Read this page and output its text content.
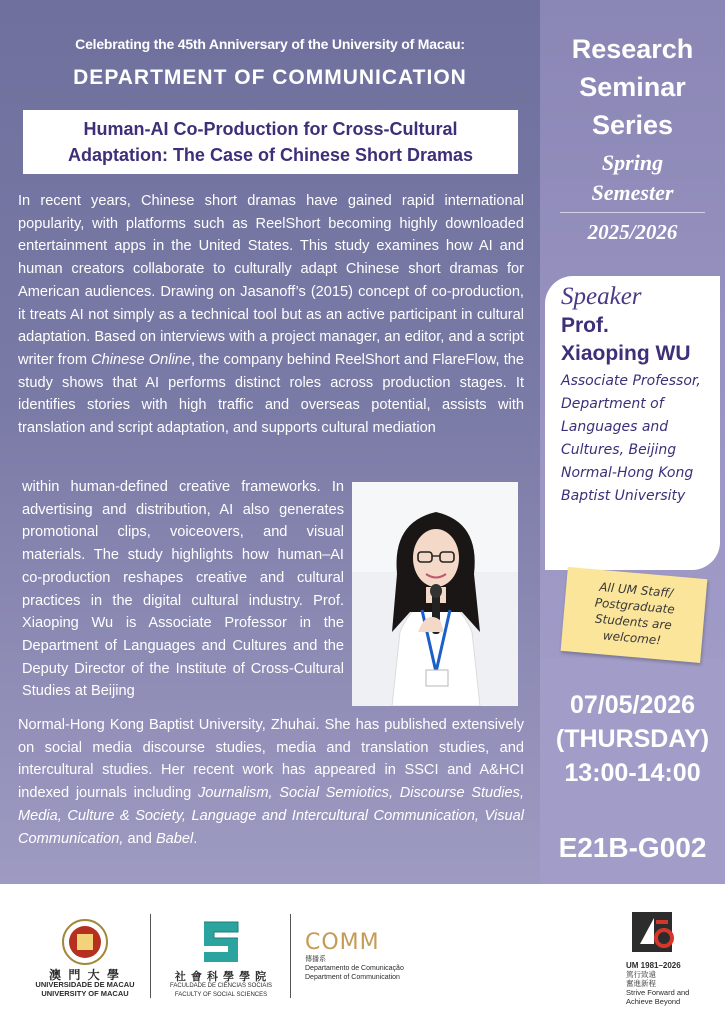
Celebrating the 45th Anniversary of the University of Macau:
DEPARTMENT OF COMMUNICATION
Human-AI Co-Production for Cross-Cultural
Adaptation: The Case of Chinese Short Dramas
In recent years, Chinese short dramas have gained rapid international popularity, with platforms such as ReelShort becoming highly downloaded entertainment apps in the United States. This study examines how AI and human creators collaborate to culturally adapt Chinese short dramas for American audiences. Drawing on Jasanoff’s (2015) concept of co-production, it treats AI not simply as a technical tool but as an active participant in cultural adaptation. Based on interviews with a project manager, an editor, and a script writer from Chinese Online, the company behind ReelShort and FlareFlow, the study shows that AI performs distinct roles across production stages. It identifies stories with high traffic and overseas potential, assists with translation and script adaptation, and supports cultural mediation
within human-defined creative frameworks. In advertising and distribution, AI also generates promotional clips, voiceovers, and visual materials. The study highlights how human–AI co-production reshapes creative and cultural practices in the digital cultural industry. Prof. Xiaoping Wu is Associate Professor in the Department of Languages and Cultures and the Deputy Director of the Institute of Cross-Cultural Studies at Beijing
Normal-Hong Kong Baptist University, Zhuhai. She has published extensively on social media discourse studies, media and translation studies, and intercultural studies. Her recent work has appeared in SSCI and A&HCI indexed journals including Journalism, Social Semiotics, Discourse Studies, Media, Culture & Society, Language and Intercultural Communication, Visual Communication, and Babel.
Research
Seminar
Series
Spring
Semester
2025/2026
Speaker
Prof.
Xiaoping WU
Associate Professor, Department of Languages and Cultures, Beijing Normal-Hong Kong Baptist University
All UM Staff/
Postgraduate
Students are
welcome!
07/05/2026
(THURSDAY)
13:00-14:00
E21B-G002
澳 門 大 學
UNIVERSIDADE DE MACAU
UNIVERSITY OF MACAU
社 會 科 學 學 院
FACULDADE DE CIÊNCIAS SOCIAIS
FACULTY OF SOCIAL SCIENCES
COMM
傳播系
Departamento de Comunicação
Department of Communication
UM 1981–2026
篤行致遠
奮進新程
Strive Forward and
Achieve Beyond
